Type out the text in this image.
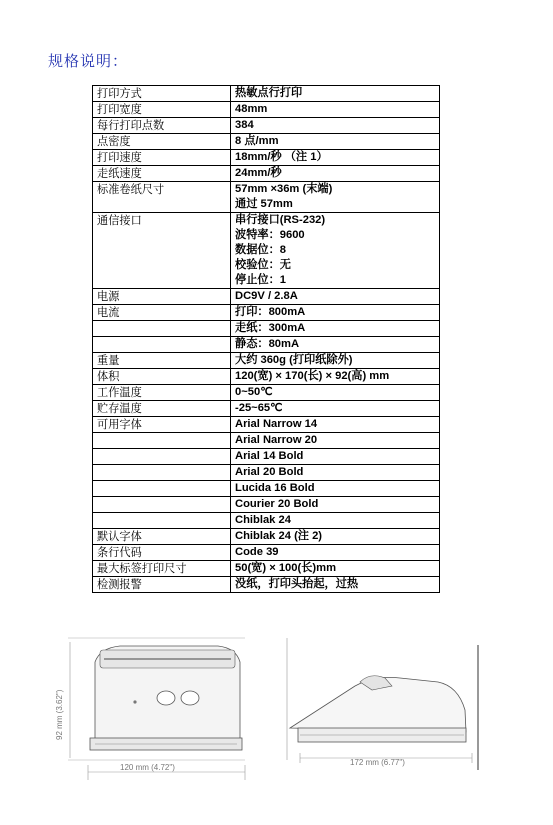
规格说明：
打印方式	热敏点行打印

打印宽度	48mm

每行打印点数	384

点密度	8 点/mm

打印速度	18mm/秒 （注 1）

走纸速度	24mm/秒

标准卷纸尺寸	57mm ×36m (末端)
通过 57mm

通信接口	串行接口(RS-232)
波特率：9600
数据位：8
校验位：无
停止位：1

电源	DC9V / 2.8A

电流	打印：800mA

	走纸：300mA

	静态：80mA

重量	大约 360g (打印纸除外)

体积	120(宽) × 170(长) × 92(高) mm

工作温度	0~50℃

贮存温度	-25~65℃

可用字体	Arial Narrow 14

	Arial Narrow 20

	Arial 14 Bold

	Arial 20 Bold

	Lucida 16 Bold

	Courier 20 Bold

	Chiblak 24

默认字体	Chiblak 24 (注 2)

条行代码	Code 39

最大标签打印尺寸	50(宽) × 100(长)mm

检测报警	没纸，打印头抬起，过热
120 mm (4.72")
92 mm (3.62")
172 mm (6.77")
